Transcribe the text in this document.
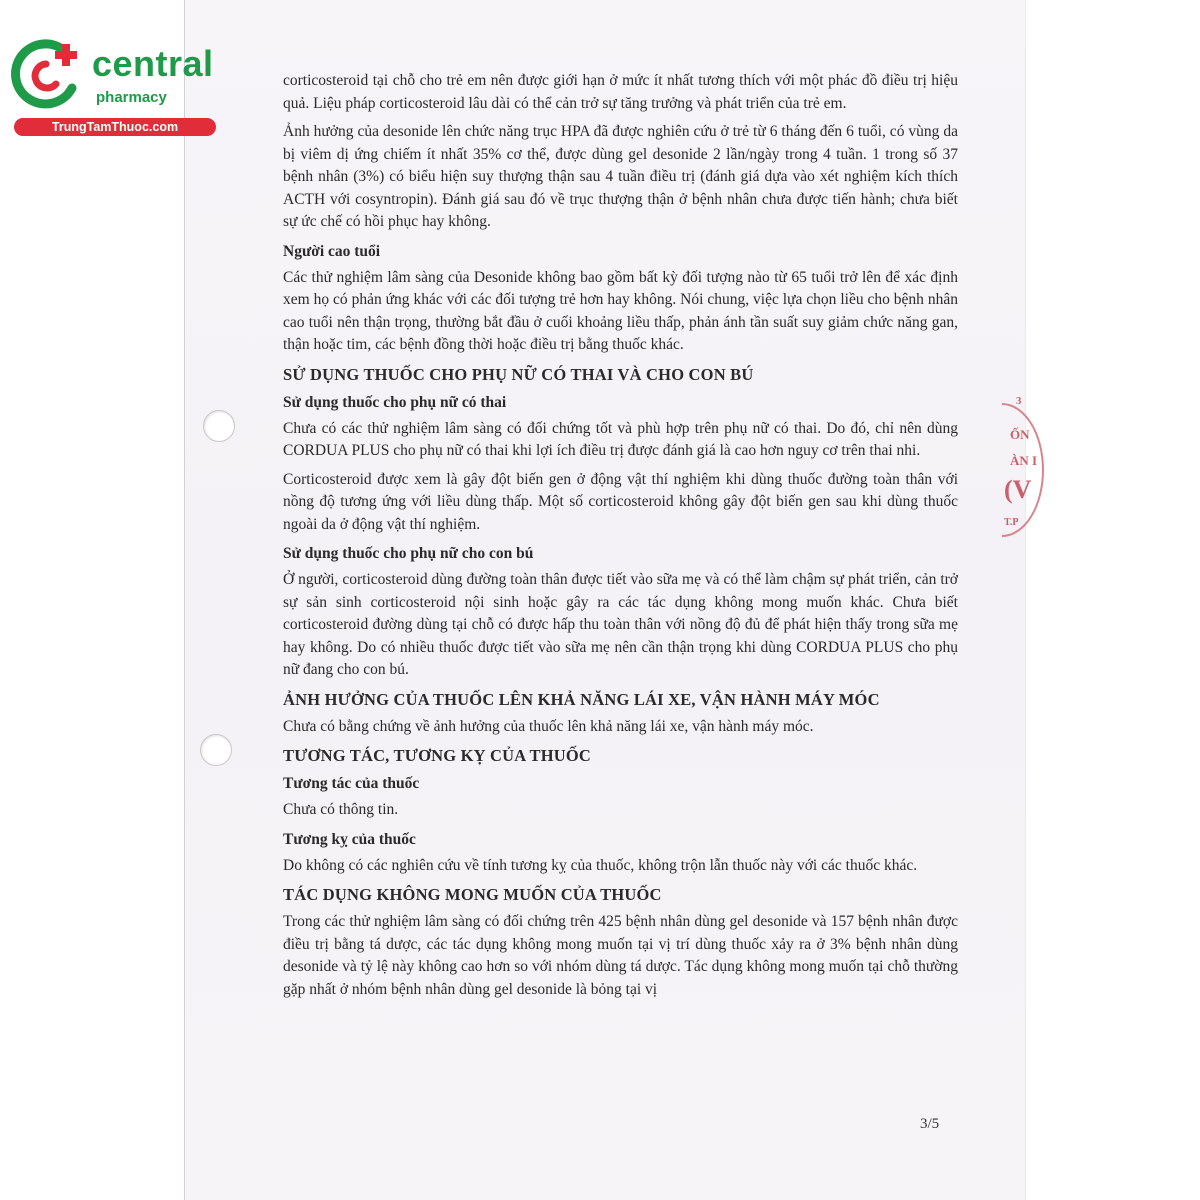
3
ỐN
ÀN I
(V
T.P
central
pharmacy
TrungTamThuoc.com

corticosteroid tại chỗ cho trẻ em nên được giới hạn ở mức ít nhất tương thích với một phác đồ điều trị hiệu quả. Liệu pháp corticosteroid lâu dài có thể cản trở sự tăng trưởng và phát triển của trẻ em.

Ảnh hưởng của desonide lên chức năng trục HPA đã được nghiên cứu ở trẻ từ 6 tháng đến 6 tuổi, có vùng da bị viêm dị ứng chiếm ít nhất 35% cơ thể, được dùng gel desonide 2 lần/ngày trong 4 tuần. 1 trong số 37 bệnh nhân (3%) có biểu hiện suy thượng thận sau 4 tuần điều trị (đánh giá dựa vào xét nghiệm kích thích ACTH với cosyntropin). Đánh giá sau đó về trục thượng thận ở bệnh nhân chưa được tiến hành; chưa biết sự ức chế có hồi phục hay không.

Người cao tuổi

Các thử nghiệm lâm sàng của Desonide không bao gồm bất kỳ đối tượng nào từ 65 tuổi trở lên để xác định xem họ có phản ứng khác với các đối tượng trẻ hơn hay không. Nói chung, việc lựa chọn liều cho bệnh nhân cao tuổi nên thận trọng, thường bắt đầu ở cuối khoảng liều thấp, phản ánh tần suất suy giảm chức năng gan, thận hoặc tim, các bệnh đồng thời hoặc điều trị bằng thuốc khác.

SỬ DỤNG THUỐC CHO PHỤ NỮ CÓ THAI VÀ CHO CON BÚ
Sử dụng thuốc cho phụ nữ có thai

Chưa có các thử nghiệm lâm sàng có đối chứng tốt và phù hợp trên phụ nữ có thai. Do đó, chỉ nên dùng CORDUA PLUS cho phụ nữ có thai khi lợi ích điều trị được đánh giá là cao hơn nguy cơ trên thai nhi.

Corticosteroid được xem là gây đột biến gen ở động vật thí nghiệm khi dùng thuốc đường toàn thân với nồng độ tương ứng với liều dùng thấp. Một số corticosteroid không gây đột biến gen sau khi dùng thuốc ngoài da ở động vật thí nghiệm.

Sử dụng thuốc cho phụ nữ cho con bú

Ở người, corticosteroid dùng đường toàn thân được tiết vào sữa mẹ và có thể làm chậm sự phát triển, cản trở sự sản sinh corticosteroid nội sinh hoặc gây ra các tác dụng không mong muốn khác. Chưa biết corticosteroid đường dùng tại chỗ có được hấp thu toàn thân với nồng độ đủ để phát hiện thấy trong sữa mẹ hay không. Do có nhiều thuốc được tiết vào sữa mẹ nên cần thận trọng khi dùng CORDUA PLUS cho phụ nữ đang cho con bú.

ẢNH HƯỞNG CỦA THUỐC LÊN KHẢ NĂNG LÁI XE, VẬN HÀNH MÁY MÓC

Chưa có bằng chứng về ảnh hưởng của thuốc lên khả năng lái xe, vận hành máy móc.

TƯƠNG TÁC, TƯƠNG KỴ CỦA THUỐC
Tương tác của thuốc

Chưa có thông tin.

Tương kỵ của thuốc

Do không có các nghiên cứu về tính tương kỵ của thuốc, không trộn lẫn thuốc này với các thuốc khác.

TÁC DỤNG KHÔNG MONG MUỐN CỦA THUỐC

Trong các thử nghiệm lâm sàng có đối chứng trên 425 bệnh nhân dùng gel desonide và 157 bệnh nhân được điều trị bằng tá dược, các tác dụng không mong muốn tại vị trí dùng thuốc xảy ra ở 3% bệnh nhân dùng desonide và tỷ lệ này không cao hơn so với nhóm dùng tá dược. Tác dụng không mong muốn tại chỗ thường gặp nhất ở nhóm bệnh nhân dùng gel desonide là bỏng tại vị

3/5
